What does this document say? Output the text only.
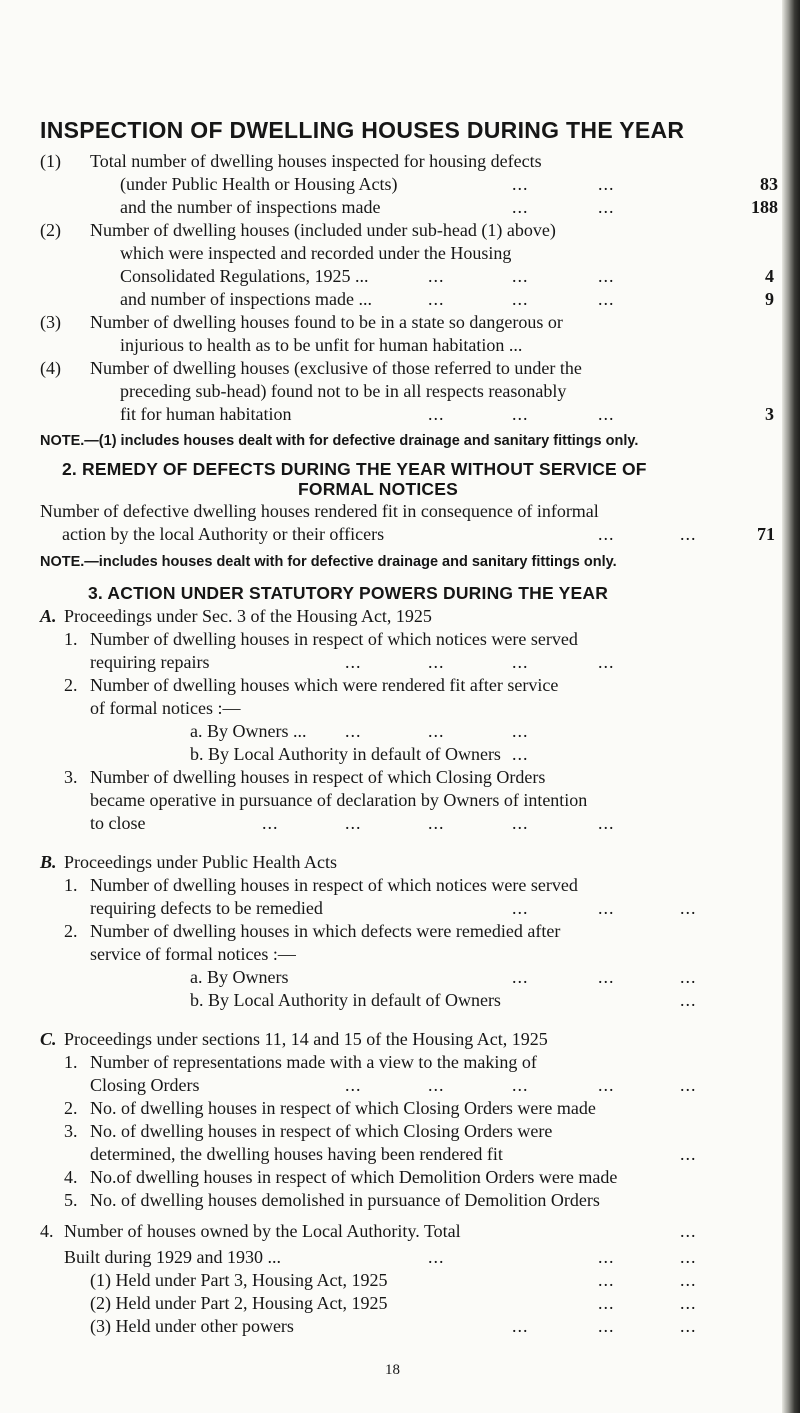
INSPECTION OF DWELLING HOUSES DURING THE YEAR
(1) Total number of dwelling houses inspected for housing defects
(under Public Health or Housing Acts)	...	...	83
and the number of inspections made	...	...	188
(2) Number of dwelling houses (included under sub-head (1) above)
which were inspected and recorded under the Housing
Consolidated Regulations, 1925 ...	...	...	...	4
and number of inspections made ...	...	...	...	9
(3) Number of dwelling houses found to be in a state so dangerous or
injurious to health as to be unfit for human habitation ...
(4) Number of dwelling houses (exclusive of those referred to under the
preceding sub-head) found not to be in all respects reasonably
fit for human habitation	...	...	...	3
NOTE.—(1) includes houses dealt with for defective drainage and sanitary fittings only.
2. REMEDY OF DEFECTS DURING THE YEAR WITHOUT SERVICE OF
FORMAL NOTICES
Number of defective dwelling houses rendered fit in consequence of informal
action by the local Authority or their officers	...	...	71
NOTE.—includes houses dealt with for defective drainage and sanitary fittings only.
3. ACTION UNDER STATUTORY POWERS DURING THE YEAR
A. Proceedings under Sec. 3 of the Housing Act, 1925
1. Number of dwelling houses in respect of which notices were served
requiring repairs	...	...	...	...
2. Number of dwelling houses which were rendered fit after service
of formal notices :—
a. By Owners ... ...	...	...
b. By Local Authority in default of Owners ...
3. Number of dwelling houses in respect of which Closing Orders
became operative in pursuance of declaration by Owners of intention
to close	...	...	...	...	...
B. Proceedings under Public Health Acts
1. Number of dwelling houses in respect of which notices were served
requiring defects to be remedied	...	...	...
2. Number of dwelling houses in which defects were remedied after
service of formal notices :—
a. By Owners	...	...	...
b. By Local Authority in default of Owners	...
C. Proceedings under sections 11, 14 and 15 of the Housing Act, 1925
1. Number of representations made with a view to the making of
Closing Orders	...	...	...	...	...
2. No. of dwelling houses in respect of which Closing Orders were made
3. No. of dwelling houses in respect of which Closing Orders were
determined, the dwelling houses having been rendered fit	...
4. No.of dwelling houses in respect of which Demolition Orders were made
5. No. of dwelling houses demolished in pursuance of Demolition Orders
4. Number of houses owned by the Local Authority. Total	...
Built during 1929 and 1930 ...	...	...	...
(1) Held under Part 3, Housing Act, 1925	...	...
(2) Held under Part 2, Housing Act, 1925	...	...
(3) Held under other powers	...	...	...
18
